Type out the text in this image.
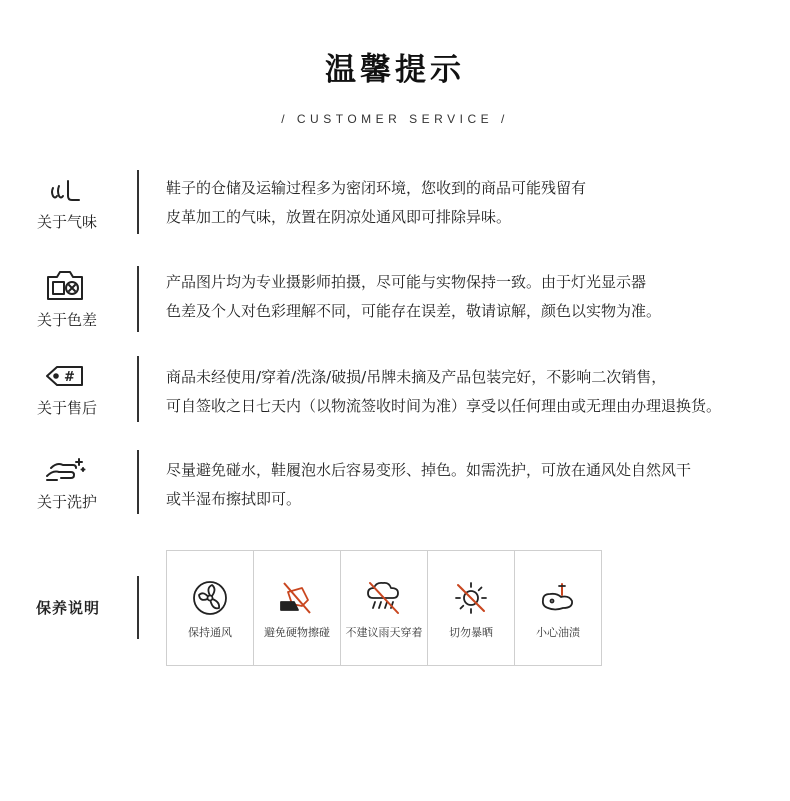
温馨提示
/ CUSTOMER SERVICE /
关于气味
鞋子的仓储及运输过程多为密闭环境，您收到的商品可能残留有
皮革加工的气味，放置在阴凉处通风即可排除异味。
关于色差
产品图片均为专业摄影师拍摄，尽可能与实物保持一致。由于灯光显示器
色差及个人对色彩理解不同，可能存在误差，敬请谅解，颜色以实物为准。
#
关于售后
商品未经使用/穿着/洗涤/破损/吊牌未摘及产品包装完好，不影响二次销售，
可自签收之日七天内（以物流签收时间为准）享受以任何理由或无理由办理退换货。
关于洗护
尽量避免碰水，鞋履泡水后容易变形、掉色。如需洗护，可放在通风处自然风干
或半湿布擦拭即可。
保养说明
保持通风	避免硬物擦碰 不建议雨天穿着 切勿暴晒	小心油渍
